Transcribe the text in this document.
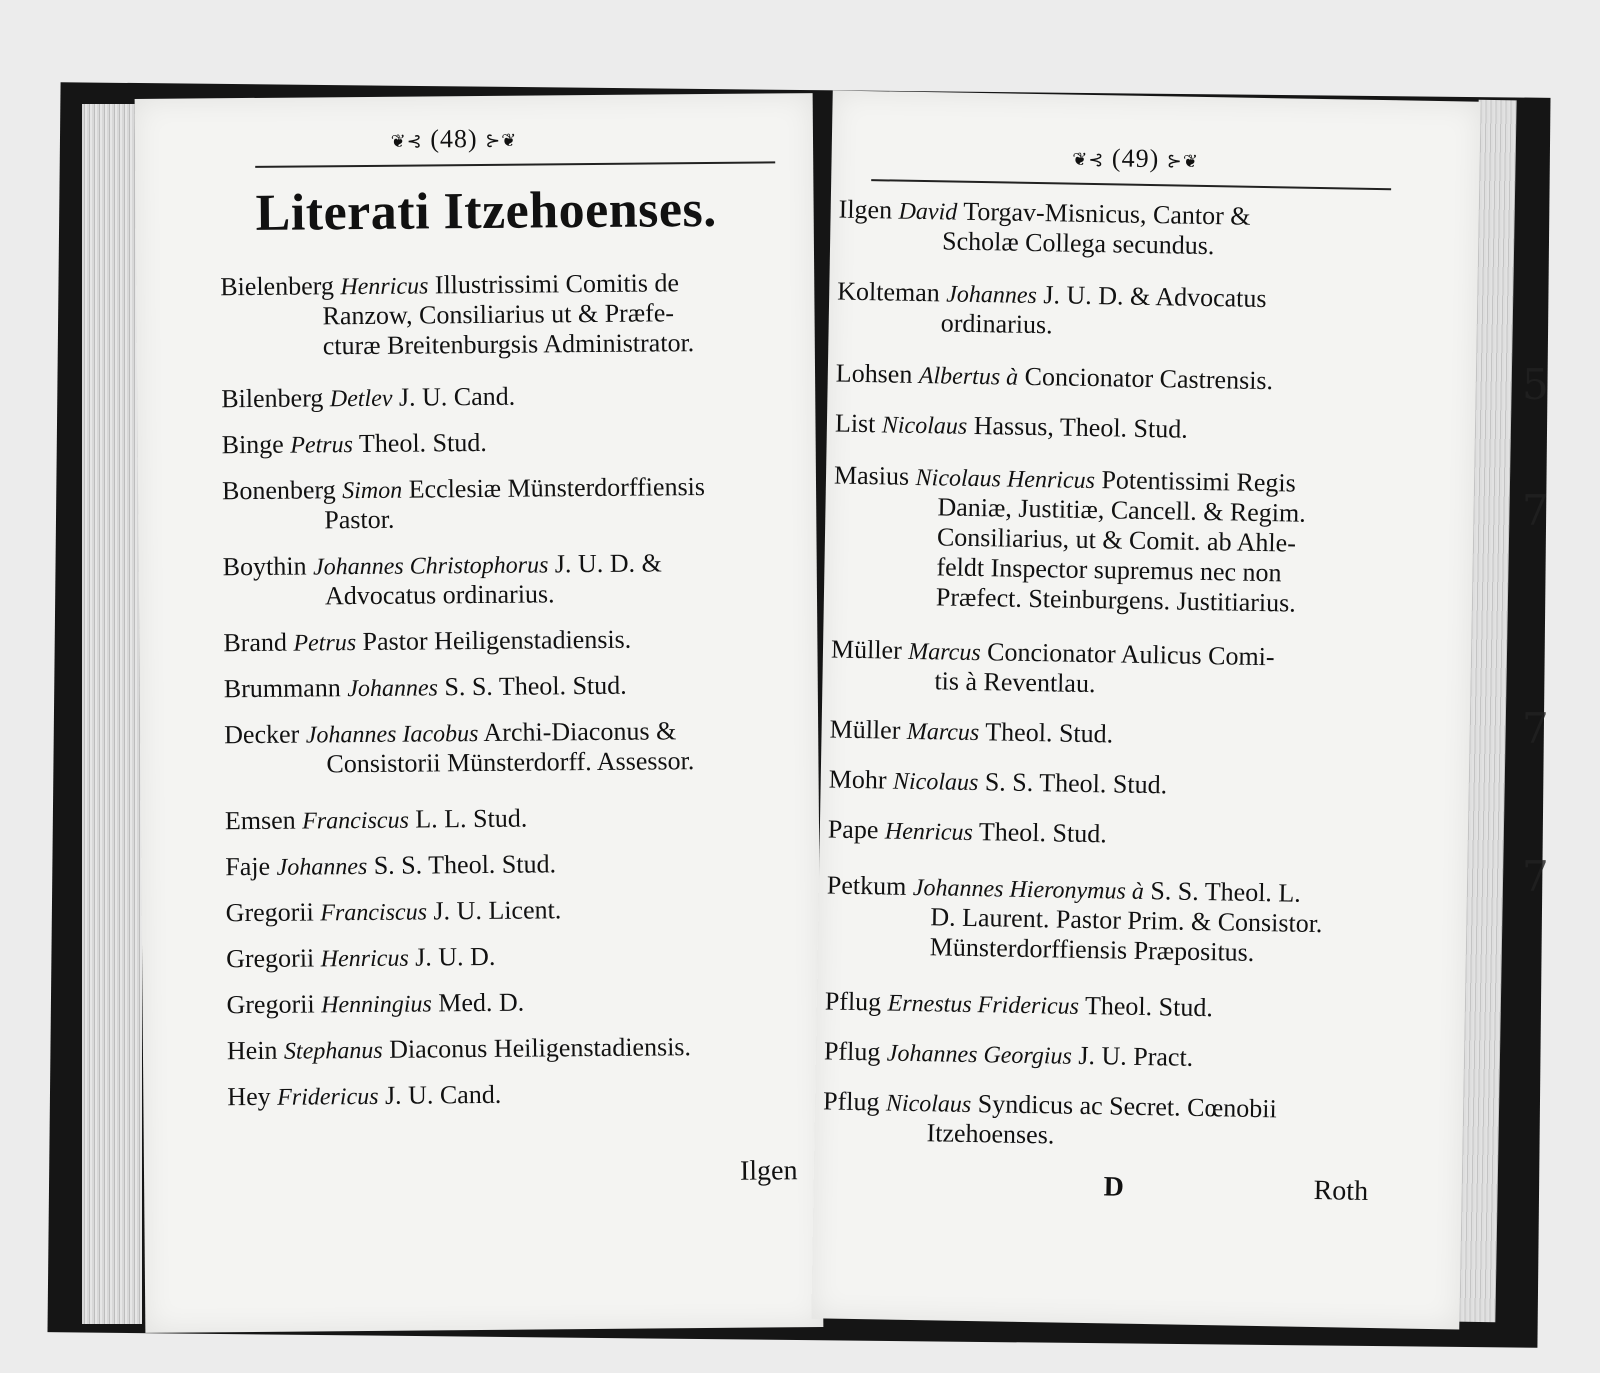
❦⊰ (48) ⊱❦
Literati Itzehoenses.
Bielenberg Henricus Illustrissimi Comitis de
Ranzow, Consiliarius ut & Præfe-
cturæ Breitenburgsis Administrator.
Bilenberg Detlev J. U. Cand.
Binge Petrus Theol. Stud.
Bonenberg Simon Ecclesiæ Münsterdorffiensis
Pastor.
Boythin Johannes Christophorus J. U. D. &
Advocatus ordinarius.
Brand Petrus Pastor Heiligenstadiensis.
Brummann Johannes S. S. Theol. Stud.
Decker Johannes Iacobus Archi-Diaconus &
Consistorii Münsterdorff. Assessor.
Emsen Franciscus L. L. Stud.
Faje Johannes S. S. Theol. Stud.
Gregorii Franciscus J. U. Licent.
Gregorii Henricus J. U. D.
Gregorii Henningius Med. D.
Hein Stephanus Diaconus Heiligenstadiensis.
Hey Fridericus J. U. Cand.
Ilgen
❦⊰ (49) ⊱❦
Ilgen David Torgav-Misnicus, Cantor &
Scholæ Collega secundus.
Kolteman Johannes J. U. D. & Advocatus
ordinarius.
Lohsen Albertus à Concionator Castrensis.
List Nicolaus Hassus, Theol. Stud.
Masius Nicolaus Henricus Potentissimi Regis
Daniæ, Justitiæ, Cancell. & Regim.
Consiliarius, ut & Comit. ab Ahle-
feldt Inspector supremus nec non
Præfect. Steinburgens. Justitiarius.
Müller Marcus Concionator Aulicus Comi-
tis à Reventlau.
Müller Marcus Theol. Stud.
Mohr Nicolaus S. S. Theol. Stud.
Pape Henricus Theol. Stud.
Petkum Johannes Hieronymus à S. S. Theol. L.
D. Laurent. Pastor Prim. & Consistor.
Münsterdorffiensis Præpositus.
Pflug Ernestus Fridericus Theol. Stud.
Pflug Johannes Georgius J. U. Pract.
Pflug Nicolaus Syndicus ac Secret. Cœnobii
Itzehoenses.
D	Roth
5
7
7
7
